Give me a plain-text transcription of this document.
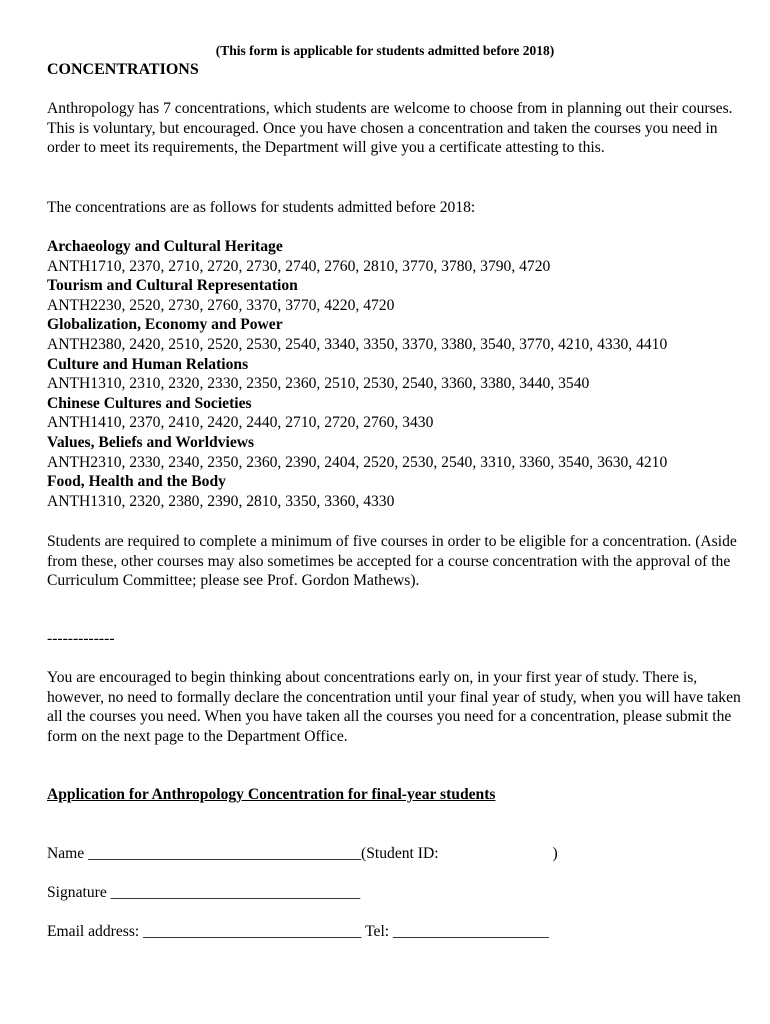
(This form is applicable for students admitted before 2018)
CONCENTRATIONS

Anthropology has 7 concentrations, which students are welcome to choose from in planning out their courses. This is voluntary, but encouraged. Once you have chosen a concentration and taken the courses you need in order to meet its requirements, the Department will give you a certificate attesting to this.

The concentrations are as follows for students admitted before 2018:

Archaeology and Cultural Heritage
ANTH1710, 2370, 2710, 2720, 2730, 2740, 2760, 2810, 3770, 3780, 3790, 4720
Tourism and Cultural Representation
ANTH2230, 2520, 2730, 2760, 3370, 3770, 4220, 4720
Globalization, Economy and Power
ANTH2380, 2420, 2510, 2520, 2530, 2540, 3340, 3350, 3370, 3380, 3540, 3770, 4210, 4330, 4410
Culture and Human Relations
ANTH1310, 2310, 2320, 2330, 2350, 2360, 2510, 2530, 2540, 3360, 3380, 3440, 3540
Chinese Cultures and Societies
ANTH1410, 2370, 2410, 2420, 2440, 2710, 2720, 2760, 3430
Values, Beliefs and Worldviews
ANTH2310, 2330, 2340, 2350, 2360, 2390, 2404, 2520, 2530, 2540, 3310, 3360, 3540, 3630, 4210
Food, Health and the Body
ANTH1310, 2320, 2380, 2390, 2810, 3350, 3360, 4330

Students are required to complete a minimum of five courses in order to be eligible for a concentration. (Aside from these, other courses may also sometimes be accepted for a course concentration with the approval of the Curriculum Committee; please see Prof. Gordon Mathews).

-------------

You are encouraged to begin thinking about concentrations early on, in your first year of study. There is, however, no need to formally declare the concentration until your final year of study, when you will have taken all the courses you need. When you have taken all the courses you need for a concentration, please submit the form on the next page to the Department Office.

Application for Anthropology Concentration for final-year students
Name ___________________________________(Student ID:	)
Signature ________________________________
Email address: ____________________________ Tel: ____________________
